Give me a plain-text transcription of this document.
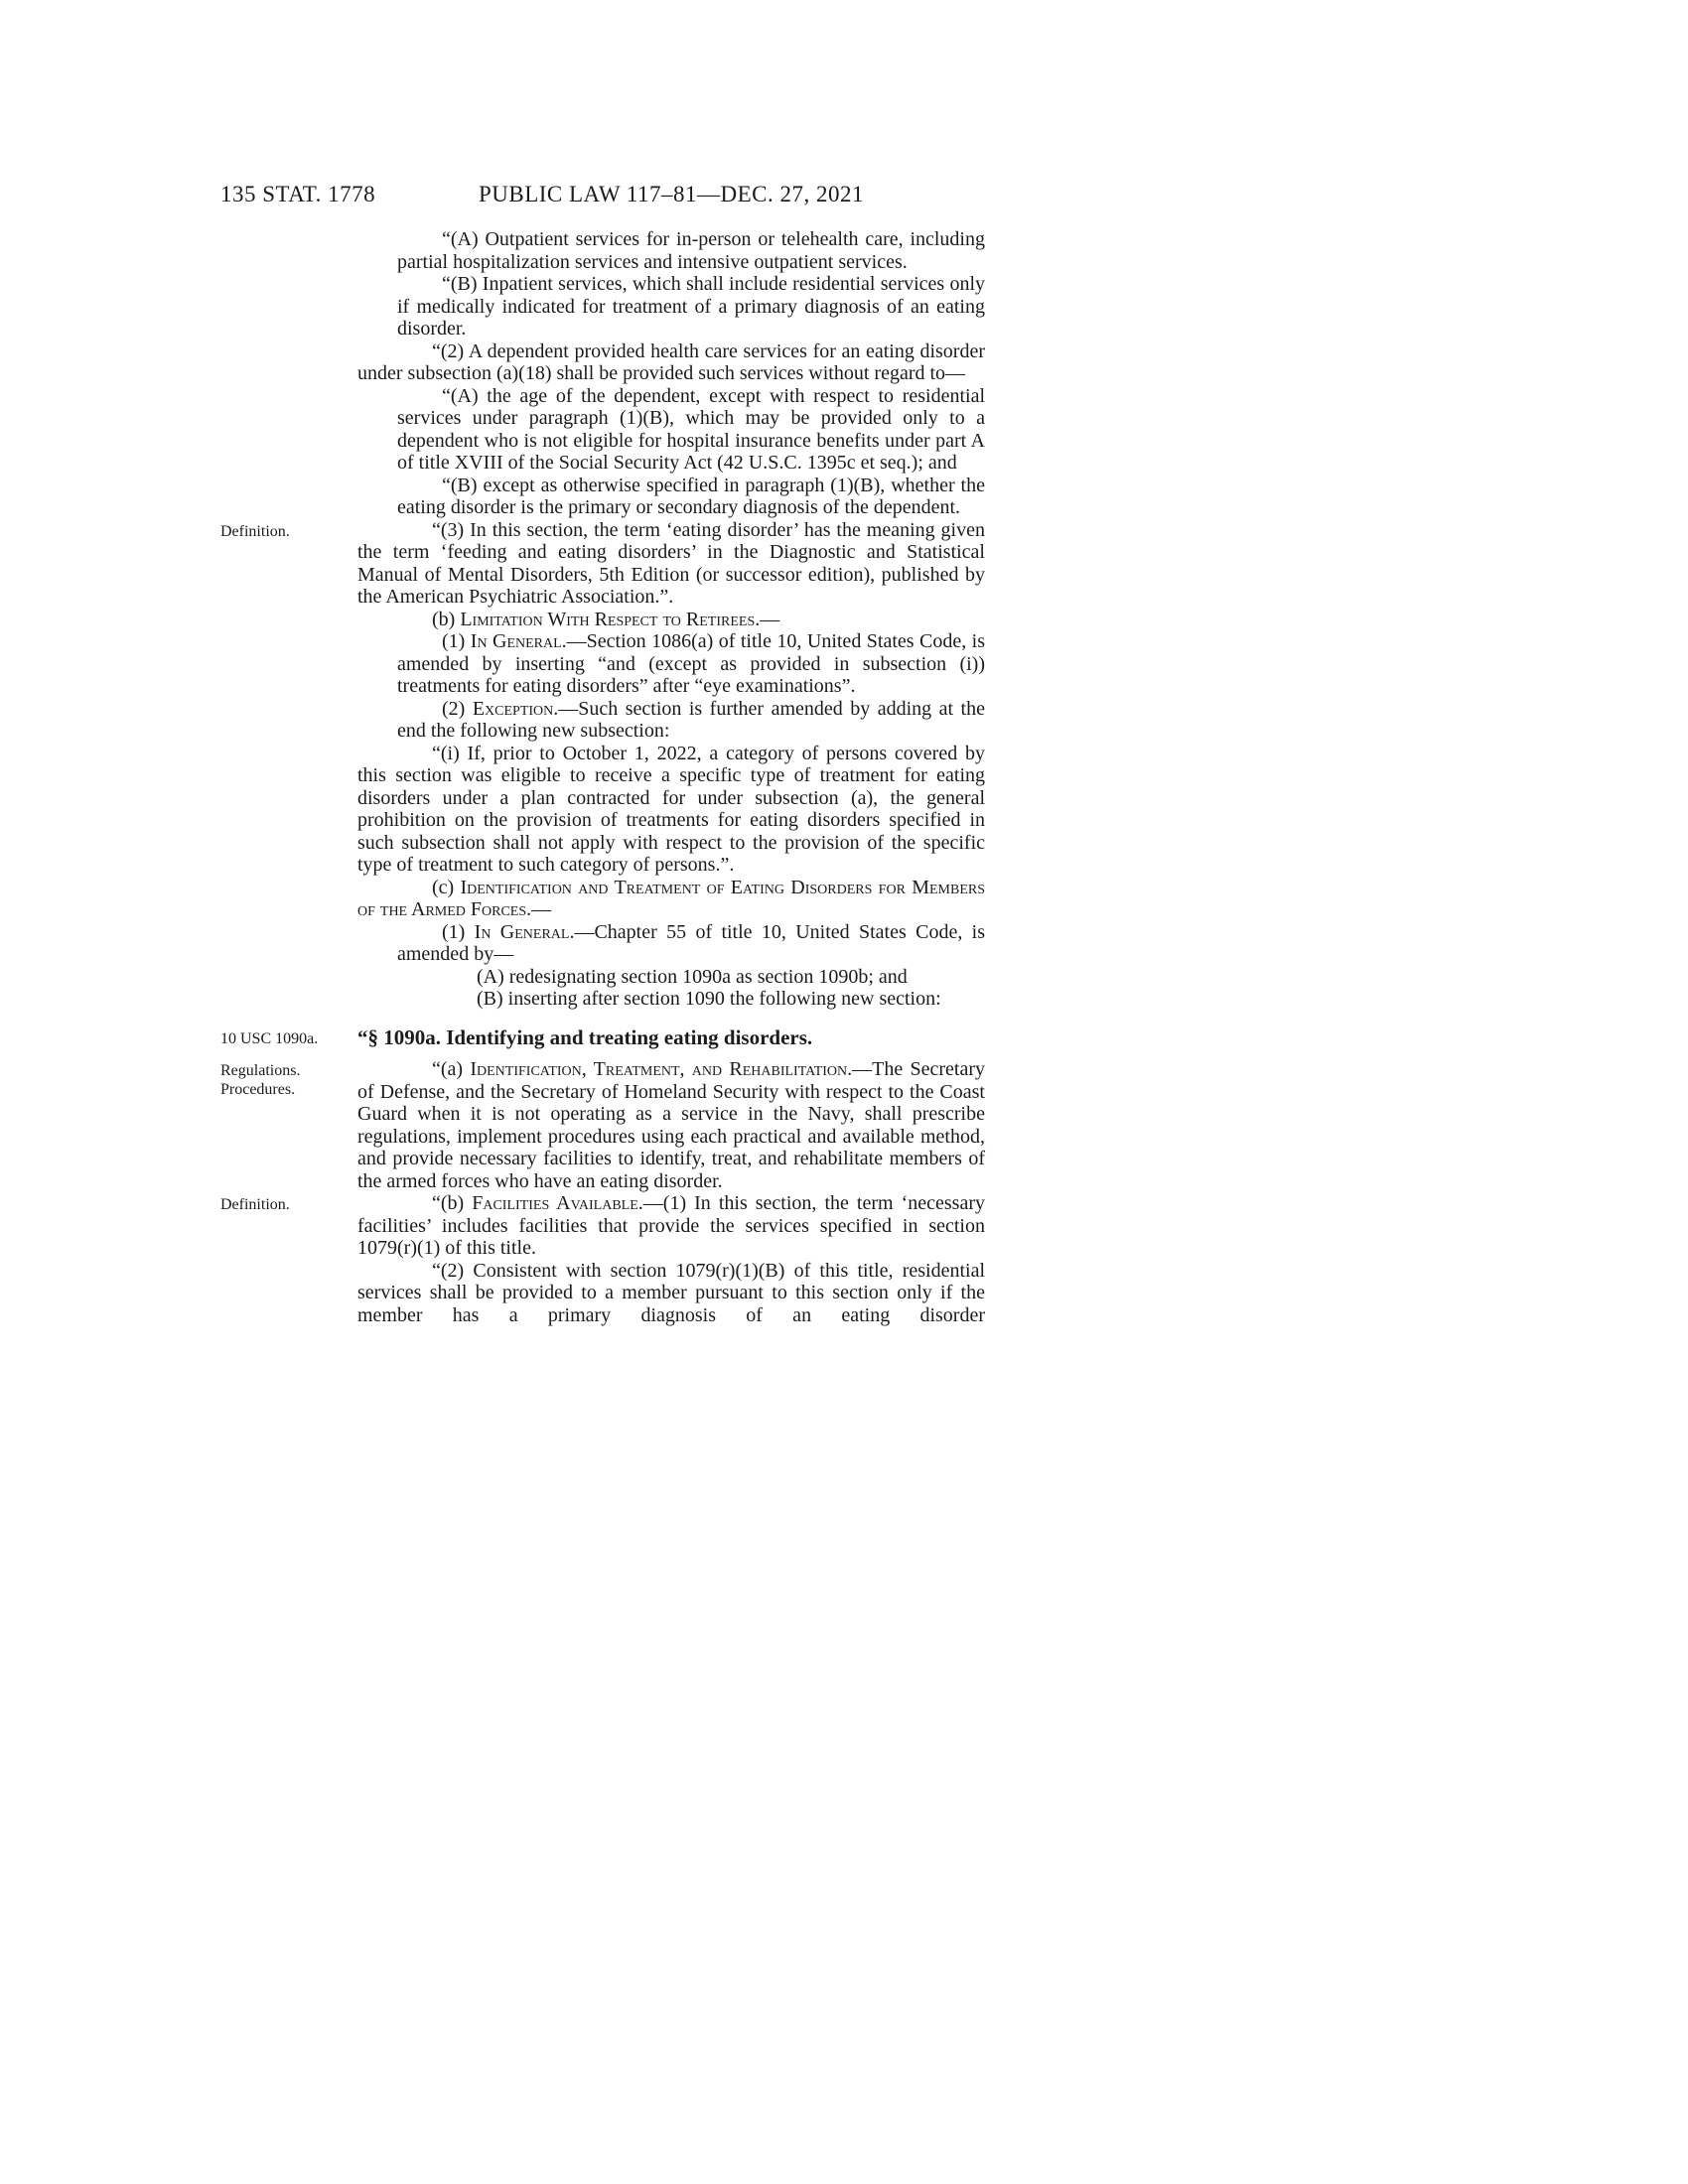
135 STAT. 1778	PUBLIC LAW 117–81—DEC. 27, 2021

“(A) Outpatient services for in-person or telehealth care, including partial hospitalization services and intensive outpatient services.

“(B) Inpatient services, which shall include residential services only if medically indicated for treatment of a primary diagnosis of an eating disorder.

“(2) A dependent provided health care services for an eating disorder under subsection (a)(18) shall be provided such services without regard to—

“(A) the age of the dependent, except with respect to residential services under paragraph (1)(B), which may be provided only to a dependent who is not eligible for hospital insurance benefits under part A of title XVIII of the Social Security Act (42 U.S.C. 1395c et seq.); and

“(B) except as otherwise specified in paragraph (1)(B), whether the eating disorder is the primary or secondary diagnosis of the dependent.

Definition.	“(3) In this section, the term ‘eating disorder’ has the meaning given the term ‘feeding and eating disorders’ in the Diagnostic and Statistical Manual of Mental Disorders, 5th Edition (or successor edition), published by the American Psychiatric Association.”.

(b) Limitation With Respect to Retirees.—

(1) In General.—Section 1086(a) of title 10, United States Code, is amended by inserting “and (except as provided in subsection (i)) treatments for eating disorders” after “eye examinations”.

(2) Exception.—Such section is further amended by adding at the end the following new subsection:

“(i) If, prior to October 1, 2022, a category of persons covered by this section was eligible to receive a specific type of treatment for eating disorders under a plan contracted for under subsection (a), the general prohibition on the provision of treatments for eating disorders specified in such subsection shall not apply with respect to the provision of the specific type of treatment to such category of persons.”.

(c) Identification and Treatment of Eating Disorders for Members of the Armed Forces.—

(1) In General.—Chapter 55 of title 10, United States Code, is amended by—

(A) redesignating section 1090a as section 1090b; and

(B) inserting after section 1090 the following new section:

10 USC 1090a.	“§ 1090a. Identifying and treating eating disorders.

Regulations.
Procedures.

“(a) Identification, Treatment, and Rehabilitation.—The Secretary of Defense, and the Secretary of Homeland Security with respect to the Coast Guard when it is not operating as a service in the Navy, shall prescribe regulations, implement procedures using each practical and available method, and provide necessary facilities to identify, treat, and rehabilitate members of the armed forces who have an eating disorder.

Definition.	“(b) Facilities Available.—(1) In this section, the term ‘necessary facilities’ includes facilities that provide the services specified in section 1079(r)(1) of this title.

“(2) Consistent with section 1079(r)(1)(B) of this title, residential services shall be provided to a member pursuant to this section only if the member has a primary diagnosis of an eating disorder
